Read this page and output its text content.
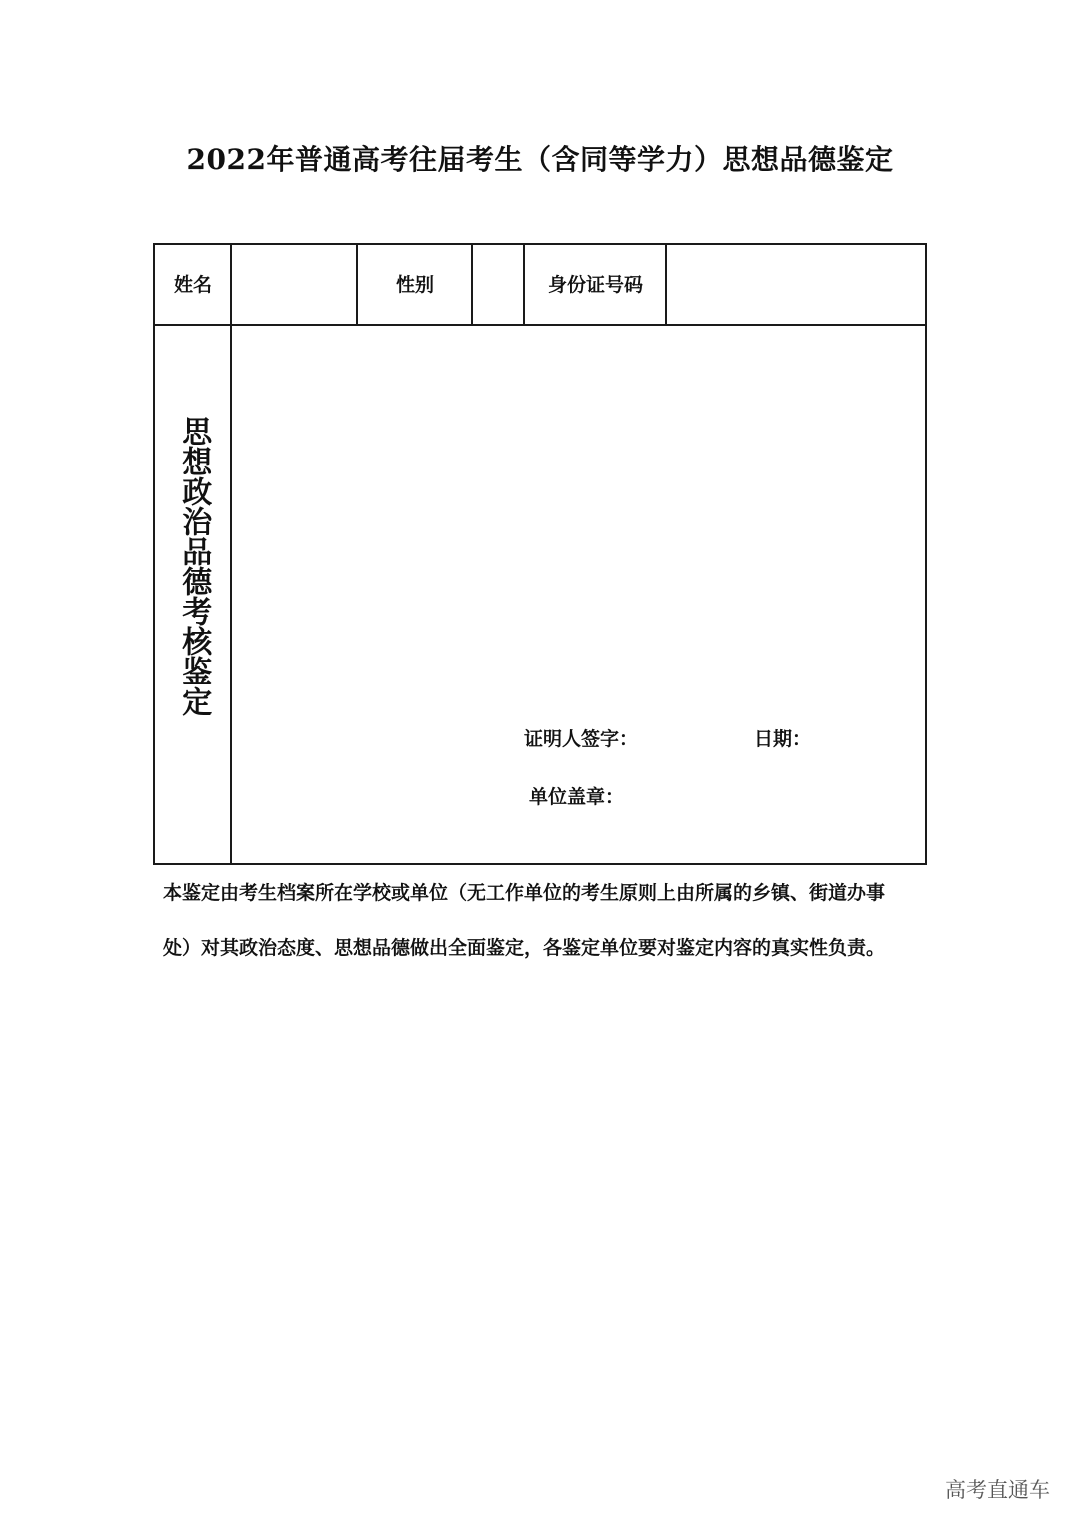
2022年普通高考往届考生（含同等学力）思想品德鉴定
姓名	性别	身份证号码
思想政治品德考核鉴定
证明人签字：	日期：
单位盖章：
本鉴定由考生档案所在学校或单位（无工作单位的考生原则上由所属的乡镇、街道办事
处）对其政治态度、思想品德做出全面鉴定，各鉴定单位要对鉴定内容的真实性负责。
高考直通车
